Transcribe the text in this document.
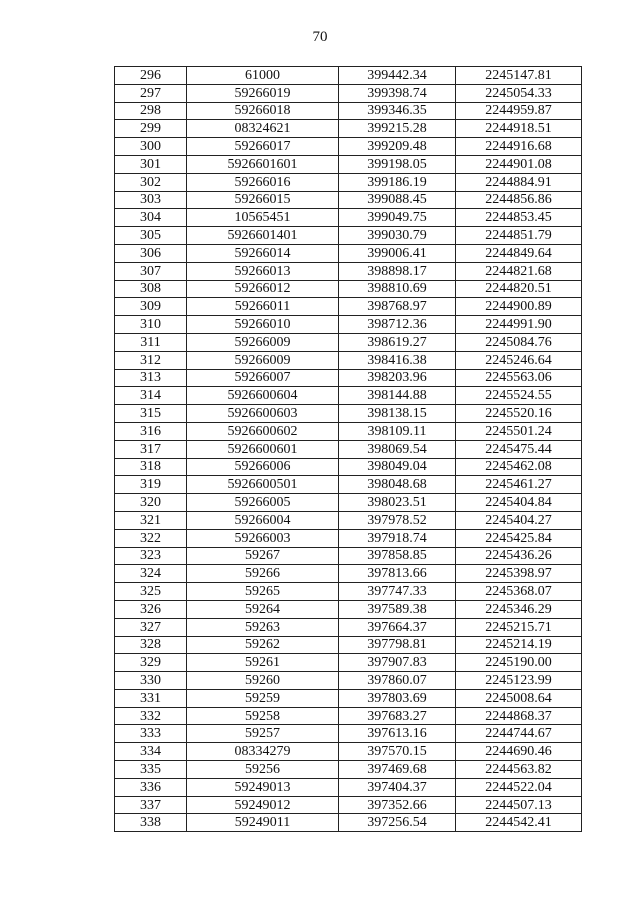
70
296	61000	399442.34	2245147.81
297	59266019	399398.74	2245054.33
298	59266018	399346.35	2244959.87
299	08324621	399215.28	2244918.51
300	59266017	399209.48	2244916.68
301	5926601601	399198.05	2244901.08
302	59266016	399186.19	2244884.91
303	59266015	399088.45	2244856.86
304	10565451	399049.75	2244853.45
305	5926601401	399030.79	2244851.79
306	59266014	399006.41	2244849.64
307	59266013	398898.17	2244821.68
308	59266012	398810.69	2244820.51
309	59266011	398768.97	2244900.89
310	59266010	398712.36	2244991.90
311	59266009	398619.27	2245084.76
312	59266009	398416.38	2245246.64
313	59266007	398203.96	2245563.06
314	5926600604	398144.88	2245524.55
315	5926600603	398138.15	2245520.16
316	5926600602	398109.11	2245501.24
317	5926600601	398069.54	2245475.44
318	59266006	398049.04	2245462.08
319	5926600501	398048.68	2245461.27
320	59266005	398023.51	2245404.84
321	59266004	397978.52	2245404.27
322	59266003	397918.74	2245425.84
323	59267	397858.85	2245436.26
324	59266	397813.66	2245398.97
325	59265	397747.33	2245368.07
326	59264	397589.38	2245346.29
327	59263	397664.37	2245215.71
328	59262	397798.81	2245214.19
329	59261	397907.83	2245190.00
330	59260	397860.07	2245123.99
331	59259	397803.69	2245008.64
332	59258	397683.27	2244868.37
333	59257	397613.16	2244744.67
334	08334279	397570.15	2244690.46
335	59256	397469.68	2244563.82
336	59249013	397404.37	2244522.04
337	59249012	397352.66	2244507.13
338	59249011	397256.54	2244542.41
